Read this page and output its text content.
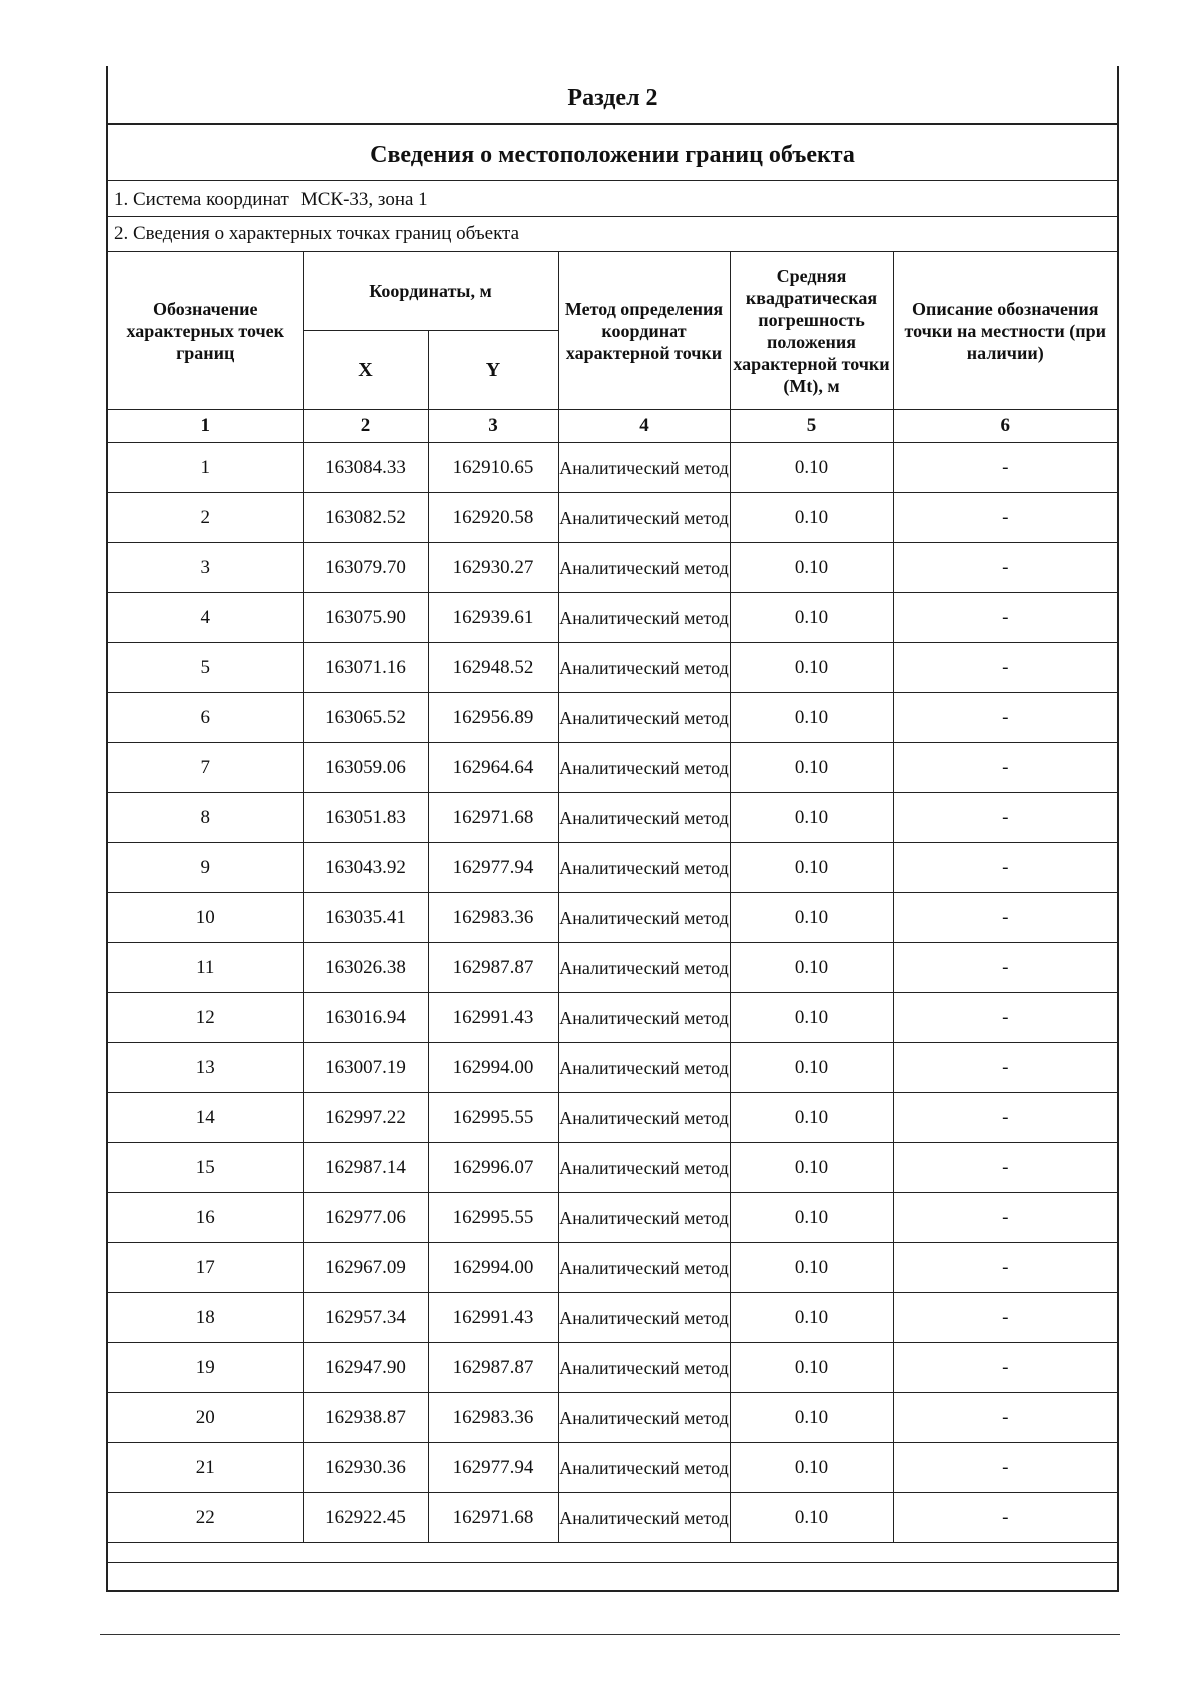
Раздел 2
Сведения о местоположении границ объекта
1. Система координат МСК-33, зона 1
2. Сведения о характерных точках границ объекта
Обозначение характерных точек границ	Координаты, м		Метод определения координат характерной точки	Средняя квадратическая погрешность положения характерной точки (Mt), м	Описание обозначения точки на местности (при наличии)
	X	Y			
1	2	3	4	5	6
1	163084.33	162910.65	Аналитический метод	0.10	-
2	163082.52	162920.58	Аналитический метод	0.10	-
3	163079.70	162930.27	Аналитический метод	0.10	-
4	163075.90	162939.61	Аналитический метод	0.10	-
5	163071.16	162948.52	Аналитический метод	0.10	-
6	163065.52	162956.89	Аналитический метод	0.10	-
7	163059.06	162964.64	Аналитический метод	0.10	-
8	163051.83	162971.68	Аналитический метод	0.10	-
9	163043.92	162977.94	Аналитический метод	0.10	-
10	163035.41	162983.36	Аналитический метод	0.10	-
11	163026.38	162987.87	Аналитический метод	0.10	-
12	163016.94	162991.43	Аналитический метод	0.10	-
13	163007.19	162994.00	Аналитический метод	0.10	-
14	162997.22	162995.55	Аналитический метод	0.10	-
15	162987.14	162996.07	Аналитический метод	0.10	-
16	162977.06	162995.55	Аналитический метод	0.10	-
17	162967.09	162994.00	Аналитический метод	0.10	-
18	162957.34	162991.43	Аналитический метод	0.10	-
19	162947.90	162987.87	Аналитический метод	0.10	-
20	162938.87	162983.36	Аналитический метод	0.10	-
21	162930.36	162977.94	Аналитический метод	0.10	-
22	162922.45	162971.68	Аналитический метод	0.10	-
